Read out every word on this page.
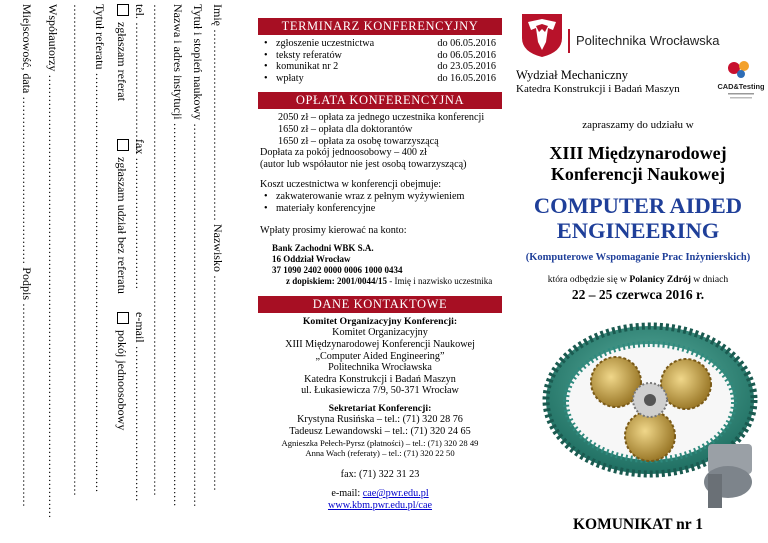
Imię ………………………………………… Nazwisko ………………………………………………
Tytuł i stopień naukowy ……………………………………………………………………………………
Nazwa i adres instytucji ……………………………………………………………………………………
……………………………………………………………………………………………………………
tel. ……………………………
fax ……………………………
e-mail …………………………………
zgłaszam referat
zgłaszam udział bez referatu
pokój jednoosobowy
Tytuł referatu ……………………………………………………………………………………………
……………………………………………………………………………………………………………
Współautorzy …………………………………………………………………………………………………
Miejscowość, data …………………………………… Podpis ……………………………………………	TERMINARZ KONFERENCYJNY
• zgłoszenie uczestnictwa	do 06.05.2016
• teksty referatów	do 06.05.2016
• komunikat nr 2	do 23.05.2016
• wpłaty	do 16.05.2016
OPŁATA KONFERENCYJNA
2050 zł – opłata za jednego uczestnika konferencji
1650 zł – opłata dla doktorantów
1650 zł – opłata za osobę towarzyszącą
Dopłata za pokój jednoosobowy – 400 zł
(autor lub współautor nie jest osobą towarzyszącą)
Koszt uczestnictwa w konferencji obejmuje:
• zakwaterowanie wraz z pełnym wyżywieniem
• materiały konferencyjne
Wpłaty prosimy kierować na konto:
Bank Zachodni WBK S.A.
16 Oddział Wrocław
37 1090 2402 0000 0006 1000 0434
z dopiskiem: 2001/0044/15 - Imię i nazwisko uczestnika
DANE KONTAKTOWE
Komitet Organizacyjny Konferencji:
Komitet Organizacyjny
XIII Międzynarodowej Konferencji Naukowej
„Computer Aided Engineering”
Politechnika Wrocławska
Katedra Konstrukcji i Badań Maszyn
ul. Łukasiewicza 7/9, 50-371 Wrocław
Sekretariat Konferencji:
Krystyna Rusińska – tel.: (71) 320 28 76
Tadeusz Lewandowski – tel.: (71) 320 24 65
Agnieszka Pełech-Pyrsz (płatności) – tel.: (71) 320 28 49
Anna Wach (referaty) – tel.: (71) 320 22 50
fax: (71) 322 31 23
e-mail: cae@pwr.edu.pl
www.kbm.pwr.edu.pl/cae
Politechnika Wrocławska
Wydział Mechaniczny
Katedra Konstrukcji i Badań Maszyn	CAD&Testing
zapraszamy do udziału w
XIII Międzynarodowej
Konferencji Naukowej
COMPUTER AIDED
ENGINEERING
(Komputerowe Wspomaganie Prac Inżynierskich)
która odbędzie się w Polanicy Zdrój w dniach
22 – 25 czerwca 2016 r.
KOMUNIKAT nr 1
